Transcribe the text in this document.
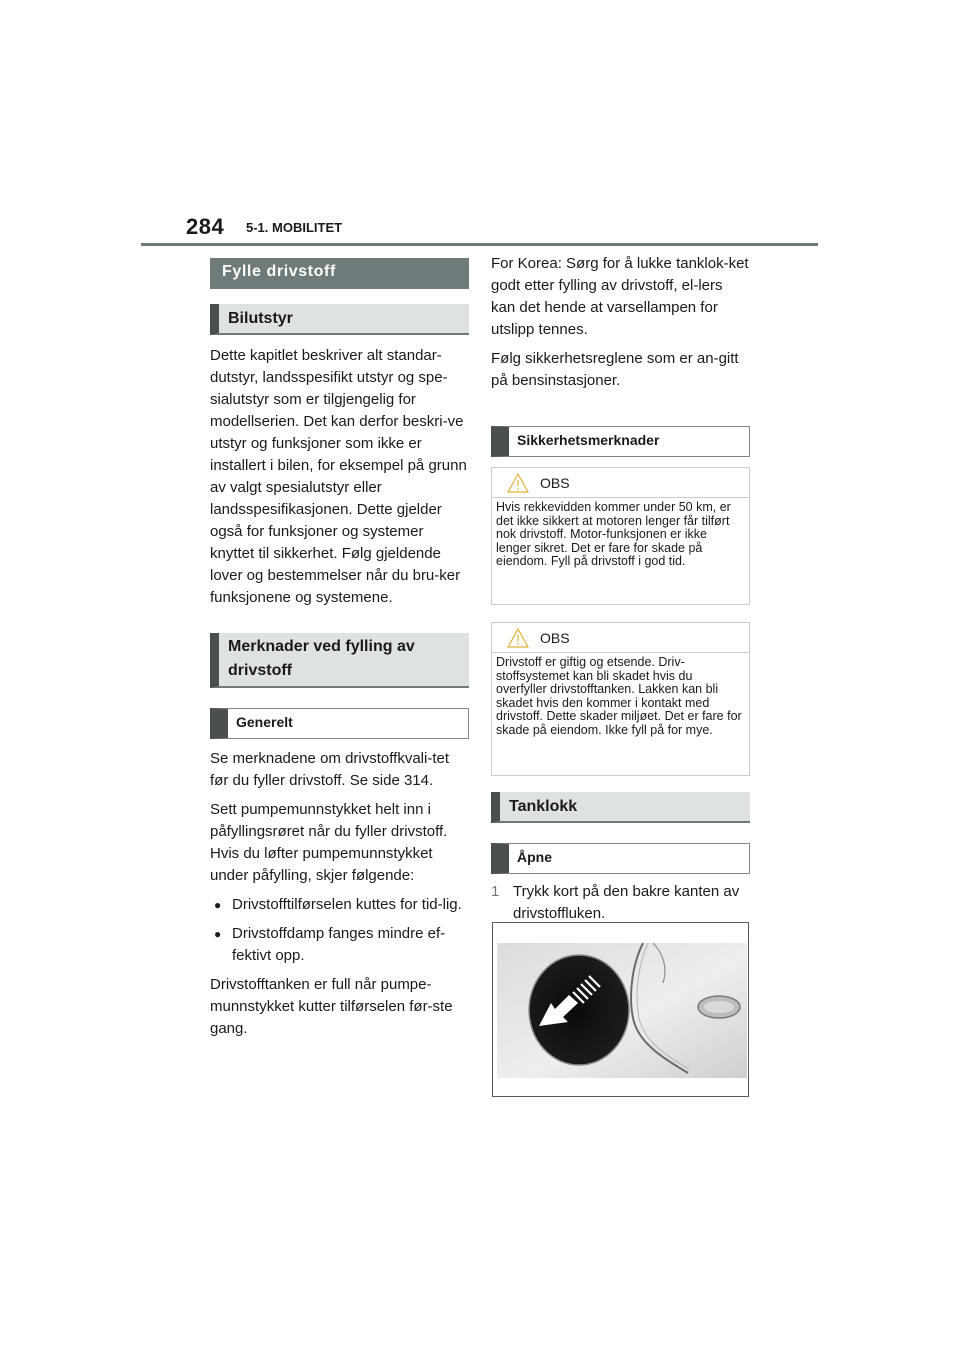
284 5-1. MOBILITET
Fylle drivstoff
Bilutstyr

Dette kapitlet beskriver alt standar-dutstyr, landsspesifikt utstyr og spe-sialutstyr som er tilgjengelig for modellserien. Det kan derfor beskri-ve utstyr og funksjoner som ikke er installert i bilen, for eksempel på grunn av valgt spesialutstyr eller landsspesifikasjonen. Dette gjelder også for funksjoner og systemer knyttet til sikkerhet. Følg gjeldende lover og bestemmelser når du bru-ker funksjonene og systemene.

Merknader ved fylling av drivstoff
Generelt

Se merknadene om drivstoffkvali-tet før du fyller drivstoff. Se side 314.

Sett pumpemunnstykket helt inn i påfyllingsrøret når du fyller drivstoff. Hvis du løfter pumpemunnstykket under påfylling, skjer følgende:

● Drivstofftilførselen kuttes for tid-lig.
● Drivstoffdamp fanges mindre ef-fektivt opp.

Drivstofftanken er full når pumpe-munnstykket kutter tilførselen før-ste gang.

For Korea: Sørg for å lukke tanklok-ket godt etter fylling av drivstoff, el-lers kan det hende at varsellampen for utslipp tennes.

Følg sikkerhetsreglene som er an-gitt på bensinstasjoner.

Sikkerhetsmerknader
OBS
Hvis rekkevidden kommer under 50 km, er det ikke sikkert at motoren lenger får tilført nok drivstoff. Motor-funksjonen er ikke lenger sikret. Det er fare for skade på eiendom. Fyll på drivstoff i god tid.
OBS
Drivstoff er giftig og etsende. Driv-stoffsystemet kan bli skadet hvis du overfyller drivstofftanken. Lakken kan bli skadet hvis den kommer i kontakt med drivstoff. Dette skader miljøet. Det er fare for skade på eiendom. Ikke fyll på for mye.
Tanklokk
Åpne
1 Trykk kort på den bakre kanten av drivstoffluken.
